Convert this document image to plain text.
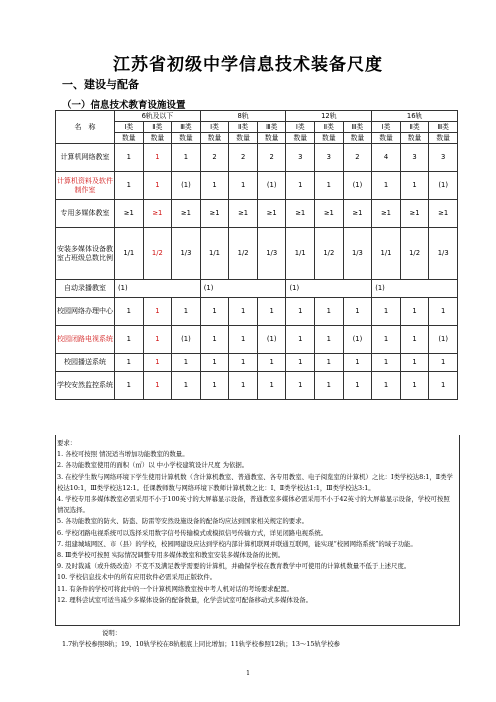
江苏省初级中学信息技术装备尺度
一、建设与配备
（一）信息技术教育设施设置
名　称	6轨及以下			8轨			12轨			16轨		
	Ⅰ类	Ⅱ类	Ⅲ类	Ⅰ类	Ⅱ类	Ⅲ类	Ⅰ类	Ⅱ类	Ⅲ类	Ⅰ类	Ⅱ类	Ⅲ类
	数量	数量	数量	数量	数量	数量	数量	数量	数量	数量	数量	数量
计算机网络教室	1	1	1	2	2	2	3	3	2	4	3	3
计算机资料及软件制作室	1	1	(1)	1	1	(1)	1	1	(1)	1	1	(1)
专用多媒体教室	≥1	≥1	≥1	≥1	≥1	≥1	≥1	≥1	≥1	≥1	≥1	≥1
安装多媒体设备教室占班级总数比例	1/1	1/2	1/3	1/1	1/2	1/3	1/1	1/2	1/3	1/1	1/2	1/3
自动录播教室	(1)			(1)			(1)			(1)		
校园网络办理中心	1	1	1	1	1	1	1	1	1	1	1	1
校园闭路电视系统	1	1	(1)	1	1	(1)	1	1	(1)	1	1	(1)
校园播送系统	1	1	1	1	1	1	1	1	1	1	1	1
学校安然监控系统	1	1	1	1	1	1	1	1	1	1	1	1

要求：

1. 各校可按照 情况适当增加功能教室的数量。

2. 各功能教室使用的面积（㎡）以 中小学校建筑设计尺度 为依据。

3. 在校学生数与网络环境下学生使用计算机数（含计算机教室、普通教室、各专用教室、电子阅览室的计算机）之比：Ⅰ类学校达8:1，Ⅱ类学校达10:1，Ⅲ类学校达12:1。任课教师数与网络环境下教师计算机数之比：Ⅰ、Ⅱ类学校达1:1，Ⅲ类学校达3:1。

4. 学校专用多媒体教室必需采用不小于100英寸的大屏幕显示设备，普通教室多媒体必需采用不小于42英寸的大屏幕显示设备，学校可按照 情况选择。

5. 各功能教室的防火、防盗、防雷等安然设施设备的配备均应达到国家相关规定的要求。

6. 学校闭路电视系统可以选择采用数字信号传输模式或模拟信号传输方式，详见闭路电视系统。

7. 组建城域网区、市（县）的学校，校园网建设应达到学校内部计算机联网并联通互联网，能实现“校园网络系统”的域子功能。

8. Ⅲ类学校可按照 实际情况调整专用多媒体教室和教室安装多媒体设备的比例。

9. 及时裁减（或升级改造）不克不及满足教学需要的计算机，并确保学校在教育教学中可使用的计算机数量不低于上述尺度。

10. 学校信息技术中的所有应用软件必需采用正版软件。

11. 有条件的学校可将此中的一个计算机网络教室按中考人机对话的考场要求配置。

12. 理科尝试室可适当减少多媒体设备的配备数量，化学尝试室可配备移动式多媒体设备。

说明：

1.7轨学校参照8轨；19、10轨学校在8轨根底上同比增加；11轨学校参照12轨；13～15轨学校参

1
